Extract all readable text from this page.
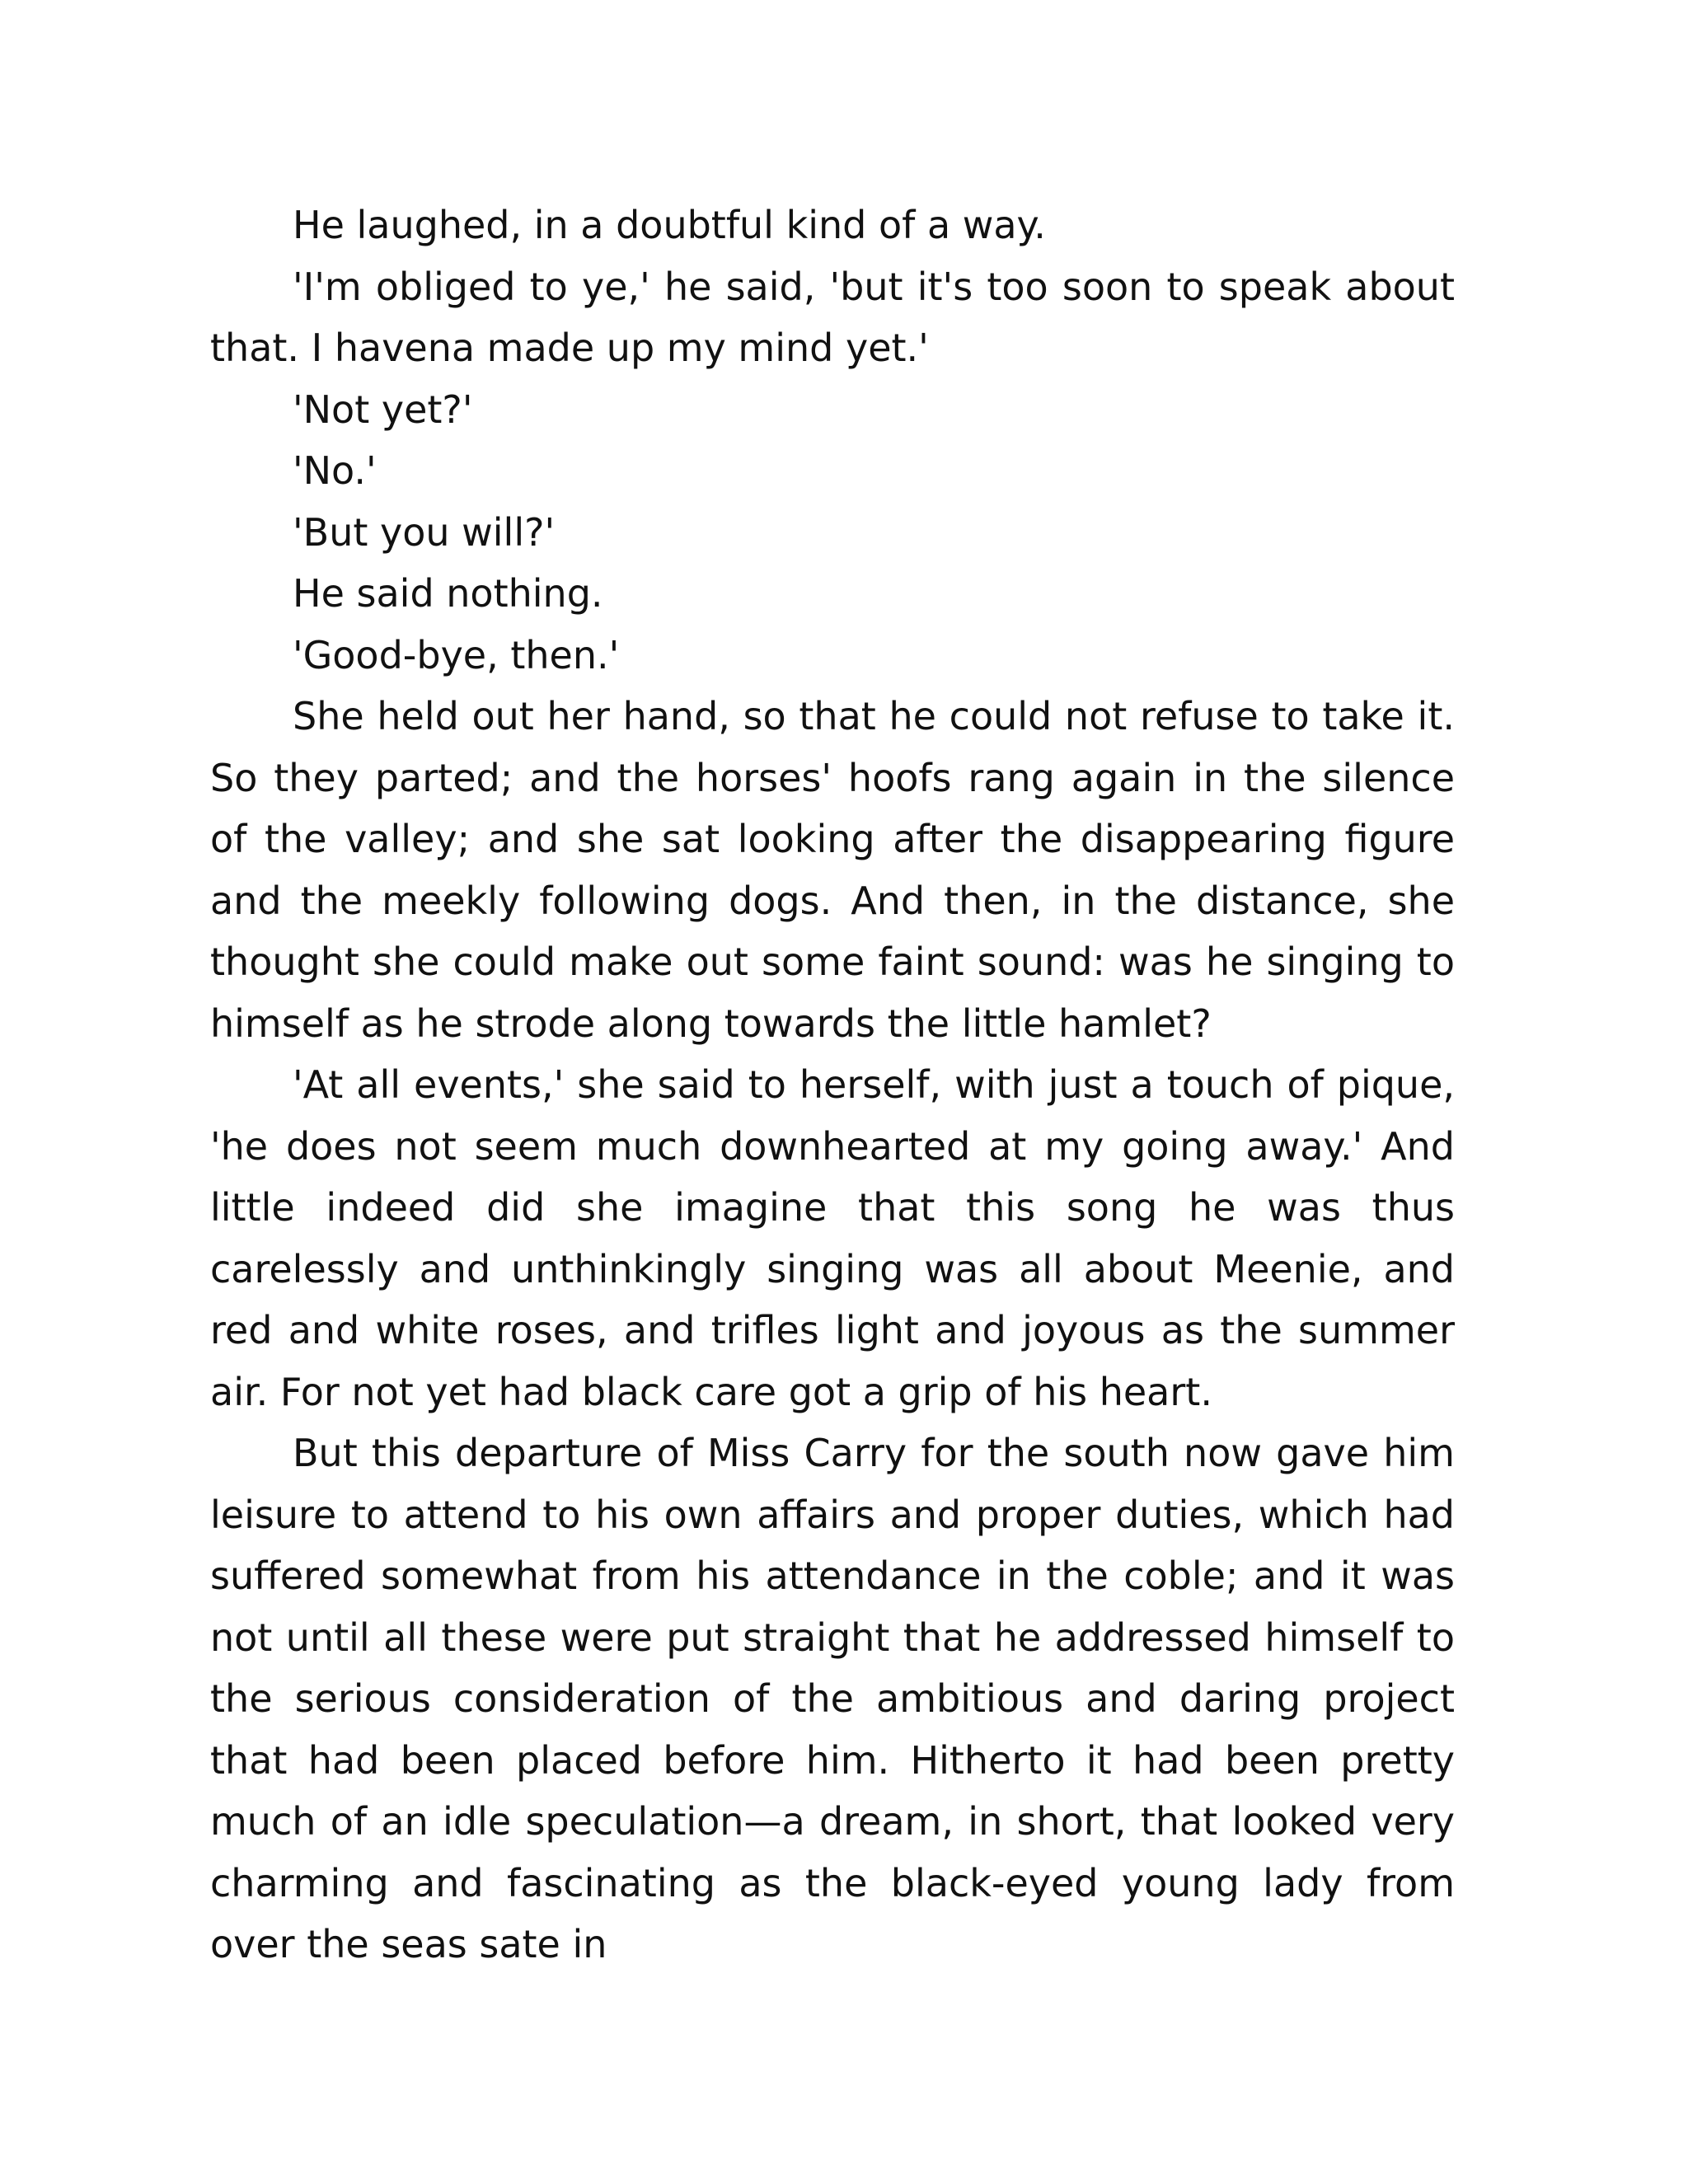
He laughed, in a doubtful kind of a way.

'I'm obliged to ye,' he said, 'but it's too soon to speak about that. I havena made up my mind yet.'

'Not yet?'

'No.'

'But you will?'

He said nothing.

'Good-bye, then.'

She held out her hand, so that he could not refuse to take it. So they parted; and the horses' hoofs rang again in the silence of the valley; and she sat looking after the disappearing figure and the meekly following dogs. And then, in the distance, she thought she could make out some faint sound: was he singing to himself as he strode along towards the little hamlet?

'At all events,' she said to herself, with just a touch of pique, 'he does not seem much downhearted at my going away.' And little indeed did she imagine that this song he was thus carelessly and unthinkingly singing was all about Meenie, and red and white roses, and trifles light and joyous as the summer air. For not yet had black care got a grip of his heart.

But this departure of Miss Carry for the south now gave him leisure to attend to his own affairs and proper duties, which had suffered somewhat from his attendance in the coble; and it was not until all these were put straight that he addressed himself to the serious consideration of the ambitious and daring project that had been placed before him. Hitherto it had been pretty much of an idle speculation—a dream, in short, that looked very charming and fascinating as the black-eyed young lady from over the seas sate in
